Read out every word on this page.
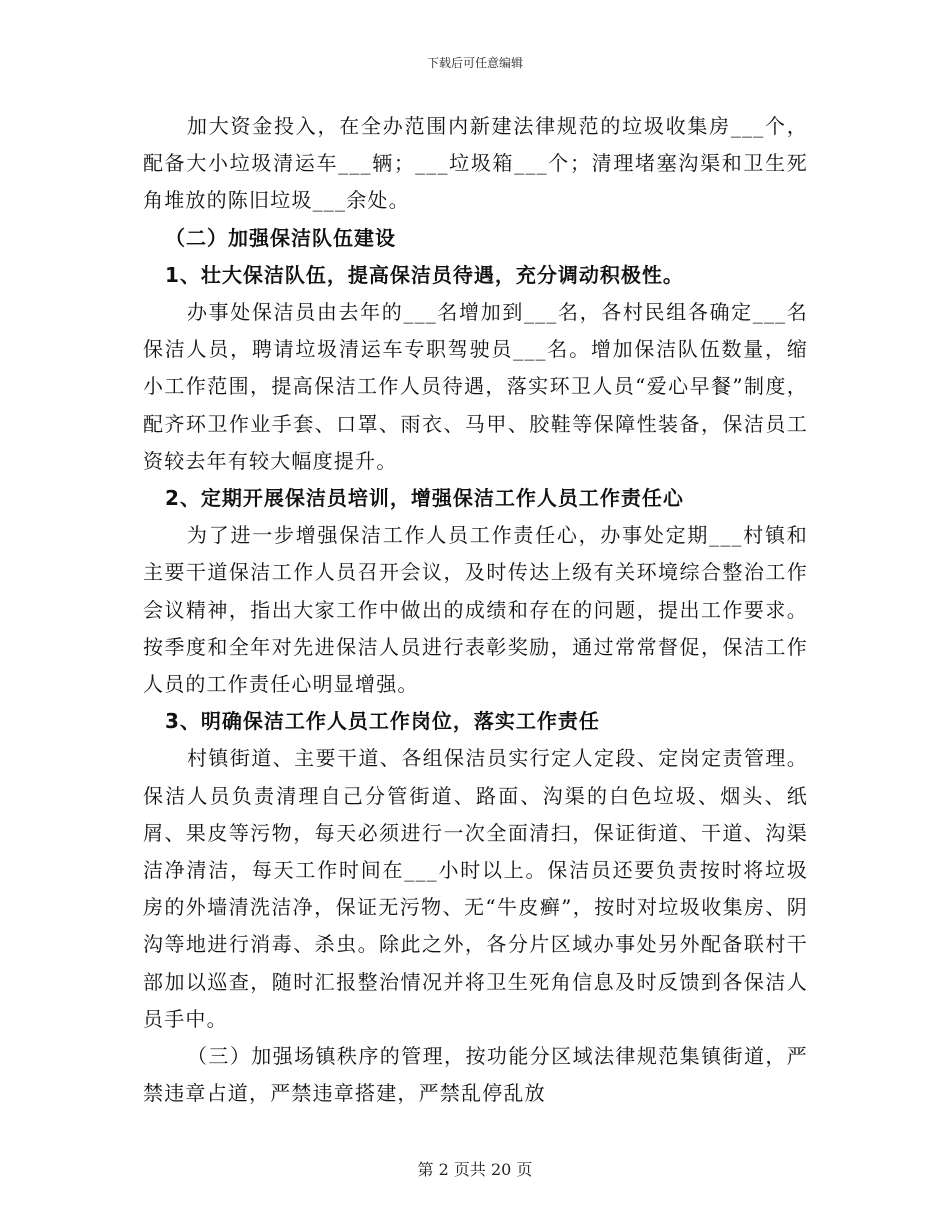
下载后可任意编辑

加大资金投入，在全办范围内新建法律规范的垃圾收集房___个，配备大小垃圾清运车___辆；___垃圾箱___个；清理堵塞沟渠和卫生死角堆放的陈旧垃圾___余处。

（二）加强保洁队伍建设

1、壮大保洁队伍，提高保洁员待遇，充分调动积极性。

办事处保洁员由去年的___名增加到___名，各村民组各确定___名保洁人员，聘请垃圾清运车专职驾驶员___名。增加保洁队伍数量，缩小工作范围，提高保洁工作人员待遇，落实环卫人员“爱心早餐”制度，配齐环卫作业手套、口罩、雨衣、马甲、胶鞋等保障性装备，保洁员工资较去年有较大幅度提升。

2、定期开展保洁员培训，增强保洁工作人员工作责任心

为了进一步增强保洁工作人员工作责任心，办事处定期___村镇和主要干道保洁工作人员召开会议，及时传达上级有关环境综合整治工作会议精神，指出大家工作中做出的成绩和存在的问题，提出工作要求。按季度和全年对先进保洁人员进行表彰奖励，通过常常督促，保洁工作人员的工作责任心明显增强。

3、明确保洁工作人员工作岗位，落实工作责任

村镇街道、主要干道、各组保洁员实行定人定段、定岗定责管理。保洁人员负责清理自己分管街道、路面、沟渠的白色垃圾、烟头、纸屑、果皮等污物，每天必须进行一次全面清扫，保证街道、干道、沟渠洁净清洁，每天工作时间在___小时以上。保洁员还要负责按时将垃圾房的外墙清洗洁净，保证无污物、无“牛皮癣”，按时对垃圾收集房、阴沟等地进行消毒、杀虫。除此之外，各分片区域办事处另外配备联村干部加以巡查，随时汇报整治情况并将卫生死角信息及时反馈到各保洁人员手中。

（三）加强场镇秩序的管理，按功能分区域法律规范集镇街道，严禁违章占道，严禁违章搭建，严禁乱停乱放

第 2 页共 20 页
